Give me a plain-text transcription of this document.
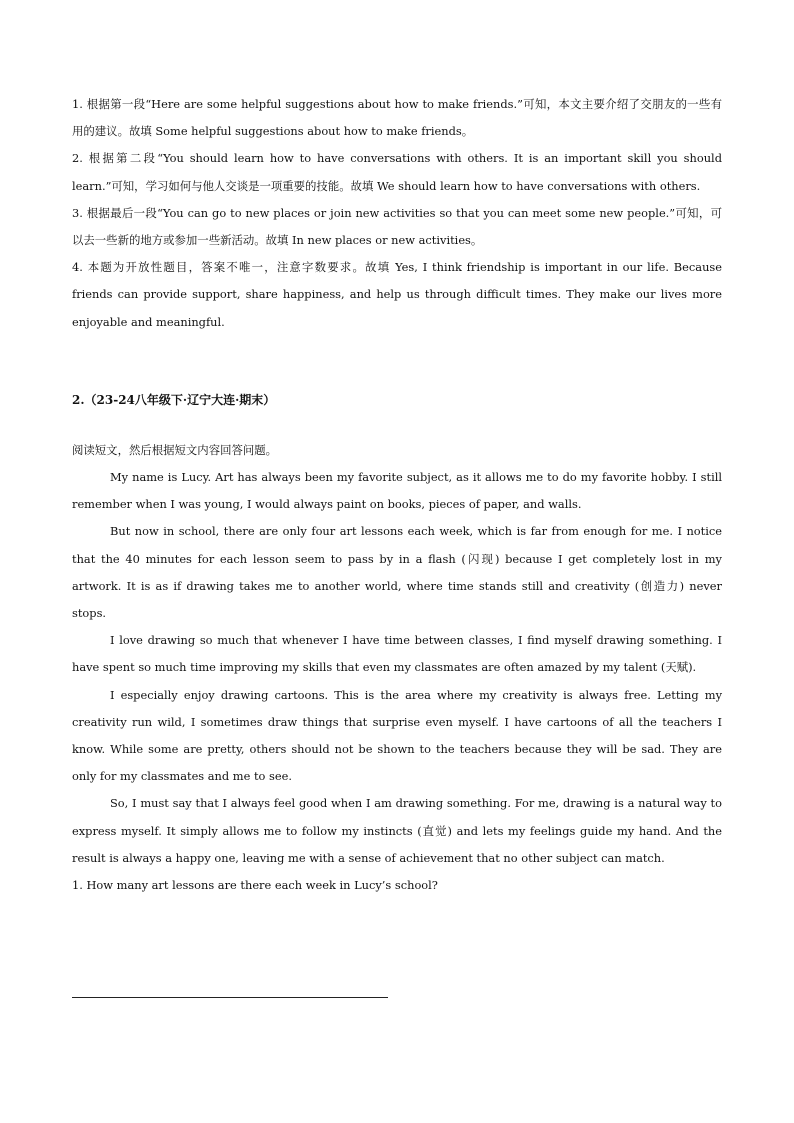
1. 根据第一段“Here are some helpful suggestions about how to make friends.”可知，本文主要介绍了交朋友的一些有用的建议。故填 Some helpful suggestions about how to make friends。

2. 根据第二段“You should learn how to have conversations with others. It is an important skill you should learn.”可知，学习如何与他人交谈是一项重要的技能。故填 We should learn how to have conversations with others.

3. 根据最后一段“You can go to new places or join new activities so that you can meet some new people.”可知，可以去一些新的地方或参加一些新活动。故填 In new places or new activities。

4. 本题为开放性题目，答案不唯一，注意字数要求。故填 Yes, I think friendship is important in our life. Because friends can provide support, share happiness, and help us through difficult times. They make our lives more enjoyable and meaningful.

2.（23-24八年级下·辽宁大连·期末）

阅读短文，然后根据短文内容回答问题。

My name is Lucy. Art has always been my favorite subject, as it allows me to do my favorite hobby. I still remember when I was young, I would always paint on books, pieces of paper, and walls.

But now in school, there are only four art lessons each week, which is far from enough for me. I notice that the 40 minutes for each lesson seem to pass by in a flash (闪现) because I get completely lost in my artwork. It is as if drawing takes me to another world, where time stands still and creativity (创造力) never stops.

I love drawing so much that whenever I have time between classes, I find myself drawing something. I have spent so much time improving my skills that even my classmates are often amazed by my talent (天赋).

I especially enjoy drawing cartoons. This is the area where my creativity is always free. Letting my creativity run wild, I sometimes draw things that surprise even myself. I have cartoons of all the teachers I know. While some are pretty, others should not be shown to the teachers because they will be sad. They are only for my classmates and me to see.

So, I must say that I always feel good when I am drawing something. For me, drawing is a natural way to express myself. It simply allows me to follow my instincts (直觉) and lets my feelings guide my hand. And the result is always a happy one, leaving me with a sense of achievement that no other subject can match.

1. How many art lessons are there each week in Lucy’s school?
